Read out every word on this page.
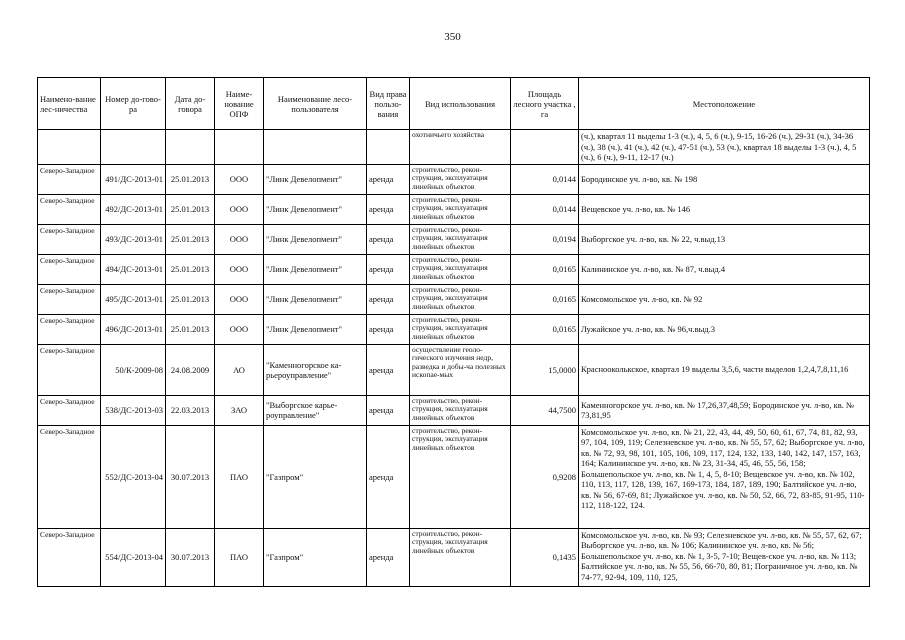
350
Наимено-вание лес-ничества	Номер до-гово-ра	Дата до-говора	Наиме-нование ОПФ	Наименование лесо-пользователя	Вид права пользо-вания	Вид использования	Площадь лесного участка , га	Местоположение
						охотничьего хозяйства		(ч.), квартал 11 выделы 1-3 (ч.), 4, 5, 6 (ч.), 9-15, 16-26 (ч.), 29-31 (ч.), 34-36 (ч.), 38 (ч.), 41 (ч.), 42 (ч.), 47-51 (ч.), 53 (ч.), квартал 18 выделы 1-3 (ч.), 4, 5 (ч.), 6 (ч.), 9-11, 12-17 (ч.)
Северо-Западное	491/ДС-2013-01	25.01.2013	ООО	"Линк Девелопмент"	аренда	строительство, рекон-струкция, эксплуатация линейных объектов	0,0144	Бородинское уч. л-во, кв. № 198
Северо-Западное	492/ДС-2013-01	25.01.2013	ООО	"Линк Девелопмент"	аренда	строительство, рекон-струкция, эксплуатация линейных объектов	0,0144	Вещевское уч. л-во, кв. № 146
Северо-Западное	493/ДС-2013-01	25.01.2013	ООО	"Линк Девелопмент"	аренда	строительство, рекон-струкция, эксплуатация линейных объектов	0,0194	Выборгское уч. л-во, кв. № 22, ч.выд.13
Северо-Западное	494/ДС-2013-01	25.01.2013	ООО	"Линк Девелопмент"	аренда	строительство, рекон-струкция, эксплуатация линейных объектов	0,0165	Калининское уч. л-во, кв. № 87, ч.выд.4
Северо-Западное	495/ДС-2013-01	25.01.2013	ООО	"Линк Девелопмент"	аренда	строительство, рекон-струкция, эксплуатация линейных объектов	0,0165	Комсомольское уч. л-во, кв. № 92
Северо-Западное	496/ДС-2013-01	25.01.2013	ООО	"Линк Девелопмент"	аренда	строительство, рекон-струкция, эксплуатация линейных объектов	0,0165	Лужайское уч. л-во, кв. № 96,ч.выд.3
Северо-Западное	50/К-2009-08	24.08.2009	АО	"Каменногорское ка-рьероуправление"	аренда	осуществление геоло-гического изучения недр, разведка и добы-ча полезных ископае-мых	15,0000	Краснооколькское, квартал 19 выделы 3,5,6, части выделов 1,2,4,7,8,11,16
Северо-Западное	538/ДС-2013-03	22.03.2013	ЗАО	"Выборгское карье-роуправление"	аренда	строительство, рекон-струкция, эксплуатация линейных объектов	44,7500	Каменногорское уч. л-во, кв. № 17,26,37,48,59; Бородинское уч. л-во, кв. № 73,81,95
Северо-Западное	552/ДС-2013-04	30.07.2013	ПАО	"Газпром"	аренда	строительство, рекон-струкция, эксплуатация линейных объектов	0,9208	Комсомольское уч. л-во, кв. № 21, 22, 43, 44, 49, 50, 60, 61, 67, 74, 81, 82, 93, 97, 104, 109, 119; Селезневское уч. л-во, кв. № 55, 57, 62; Выборгское уч. л-во, кв. № 72, 93, 98, 101, 105, 106, 109, 117, 124, 132, 133, 140, 142, 147, 157, 163, 164; Калининское уч. л-во, кв. № 23, 31-34, 45, 46, 55, 56, 158; Большепольское уч. л-во, кв. № 1, 4, 5, 8-10; Вещевское уч. л-во, кв. № 102, 110, 113, 117, 128, 139, 167, 169-173, 184, 187, 189, 190; Балтийское уч. л-во, кв. № 56, 67-69, 81; Лужайское уч. л-во, кв. № 50, 52, 66, 72, 83-85, 91-95, 110-112, 118-122, 124.
Северо-Западное	554/ДС-2013-04	30.07.2013	ПАО	"Газпром"	аренда	строительство, рекон-струкция, эксплуатация линейных объектов	0,1435	Комсомольское уч. л-во, кв. № 93; Селезневское уч. л-во, кв. № 55, 57, 62, 67; Выборгское уч. л-во, кв. № 106; Калининское уч. л-во, кв. № 56; Большепольское уч. л-во, кв. № 1, 3-5, 7-10; Вещев-ское уч. л-во, кв. № 113; Балтийское уч. л-во, кв. № 55, 56, 66-70, 80, 81; Пограничное уч. л-во, кв. № 74-77, 92-94, 109, 110, 125,
